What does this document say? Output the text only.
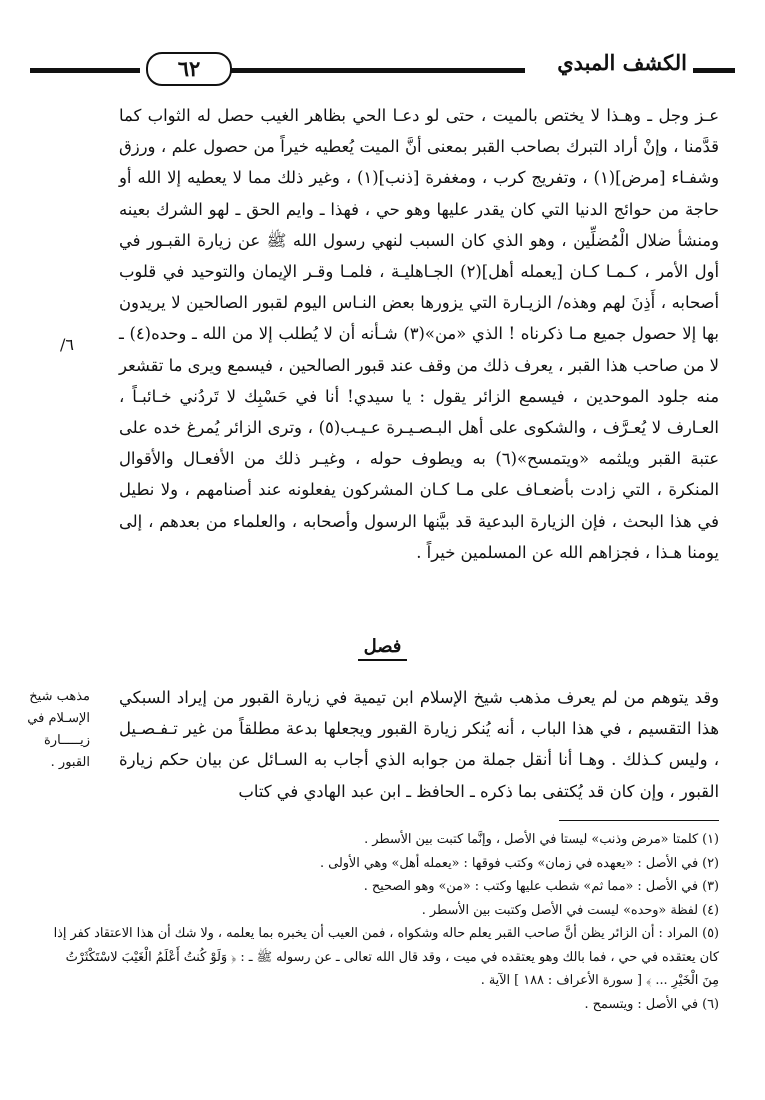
الكشف المبدي
٦٢
٦/

عـز وجل ـ وهـذا لا يختص بالميت ، حتى لو دعـا الحي بظاهر الغيب حصل له الثواب كما قدَّمنا ، وإنْ أراد التبرك بصاحب القبر بمعنى أنَّ الميت يُعطيه خيراً من حصول علم ، ورزق وشفـاء [مرض](١) ، وتفريج كرب ، ومغفرة [ذنب](١) ، وغير ذلك مما لا يعطيه إلا الله أو حاجة من حوائج الدنيا التي كان يقدر عليها وهو حي ، فهذا ـ وايم الحق ـ لهو الشرك بعينه ومنشأ ضلال الْمُضلِّين ، وهو الذي كان السبب لنهي رسول الله ﷺ عن زيارة القبـور في أول الأمر ، كـمـا كـان [يعمله أهل](٢) الجـاهليـة ، فلمـا وقـر الإيمان والتوحيد في قلوب أصحابه ، أَذِنَ لهم وهذه/ الزيـارة التي يزورها بعض النـاس اليوم لقبور الصالحين لا يريدون بها إلا حصول جميع مـا ذكرناه ! الذي «من»(٣) شـأنه أن لا يُطلب إلا من الله ـ وحده(٤) ـ لا من صاحب هذا القبر ، يعرف ذلك من وقف عند قبور الصالحين ، فيسمع ويرى ما تقشعر منه جلود الموحدين ، فيسمع الزائر يقول : يا سيدي! أنا في حَسْبِك لا تَردُني خـائبـاً ، العـارف لا يُعـرَّف ، والشكوى على أهل البـصـيـرة عـيـب(٥) ، وترى الزائر يُمرغ خده على عتبة القبر ويلثمه «ويتمسح»(٦) به ويطوف حوله ، وغيـر ذلك من الأفعـال والأقوال المنكرة ، التي زادت بأضعـاف على مـا كـان المشركون يفعلونه عند أصنامهم ، ولا نطيل في هذا البحث ، فإن الزيارة البدعية قد بيَّنها الرسول وأصحابه ، والعلماء من بعدهم ، إلى يومنا هـذا ، فجزاهم الله عن المسلمين خيراً .

فصل
مذهب شيخ الإسـلام في زيـــــارة القبور .

وقد يتوهم من لم يعرف مذهب شيخ الإسلام ابن تيمية في زيارة القبور من إيراد السبكي هذا التقسيم ، في هذا الباب ، أنه يُنكر زيارة القبور ويجعلها بدعة مطلقاً من غير تـفـصـيل ، وليس كـذلك . وهـا أنا أنقل جملة من جوابه الذي أجاب به السـائل عن بيان حكم زيارة القبور ، وإن كان قد يُكتفى بما ذكره ـ الحافظ ـ ابن عبد الهادي في كتاب

(١) كلمتا «مرض وذنب» ليستا في الأصل ، وإنَّما كتبت بين الأسطر .

(٢) في الأصل : «يعهده في زمان» وكتب فوقها : «يعمله أهل» وهي الأولى .

(٣) في الأصل : «مما ثم» شطب عليها وكتب : «من» وهو الصحيح .

(٤) لفظة «وحده» ليست في الأصل وكتبت بين الأسطر .

(٥) المراد : أن الزائر يظن أنَّ صاحب القبر يعلم حاله وشكواه ، فمن العيب أن يخبره بما يعلمه ، ولا شك أن هذا الاعتقاد كفر إذا كان يعتقده في حي ، فما بالك وهو يعتقده في ميت ، وقد قال الله تعالى ـ عن رسوله ﷺ ـ : ﴿ وَلَوْ كُنتُ أَعْلَمُ الْغَيْبَ لاسْتَكْثَرْتُ مِنَ الْخَيْرِ ... ﴾ [ سورة الأعراف : ١٨٨ ] الآية .

(٦) في الأصل : ويتسمح .
